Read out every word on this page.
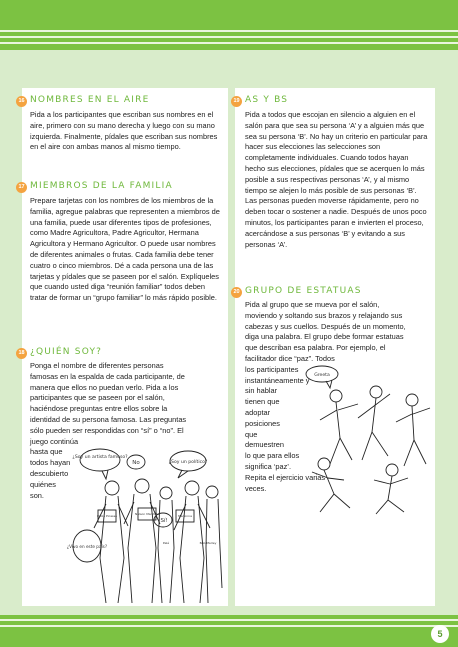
16 NOMBRES EN EL AIRE
Pida a los participantes que escriban sus nombres en el aire, primero con su mano derecha y luego con su mano izquierda. Finalmente, pídales que escriban sus nombres en el aire con ambas manos al mismo tiempo.
17 MIEMBROS DE LA FAMILIA
Prepare tarjetas con los nombres de los miembros de la familia, agregue palabras que representen a miembros de una familia, puede usar diferentes tipos de profesiones, como Madre Agricultora, Padre Agricultor, Hermana Agricultora y Hermano Agricultor. O puede usar nombres de diferentes animales o frutas. Cada familia debe tener cuatro o cinco miembros. Dé a cada persona una de las tarjetas y pídales que se paseen por el salón. Explíqueles que cuando usted diga “reunión familiar” todos deben tratar de formar un “grupo familiar” lo más rápido posible.
18 ¿QUIÉN SOY?
Ponga el nombre de diferentes personas
famosas en la espalda de cada participante, de
manera que ellos no puedan verlo. Pida a los
participantes que se paseen por el salón,
haciéndose preguntas entre ellos sobre la
identidad de su persona famosa. Las preguntas
sólo pueden ser respondidas con “sí” o “no”. El
juego continúa
hasta que
todos hayan
descubierto
quiénes
son.
¿Soy un artista famoso?
No	¿Soy un político?
¿Vivo en este país?
¡Sí!
Pablo Picasso	Nelson Mandela	Madonna
Pelé	Bob Marley
19 AS Y BS
Pida a todos que escojan en silencio a alguien en el salón para que sea su persona ‘A’ y a alguien más que sea su persona ‘B’. No hay un criterio en particular para hacer sus elecciones las selecciones son completamente individuales. Cuando todos hayan hecho sus elecciones, pídales que se acerquen lo más posible a sus respectivas personas ‘A’, y al mismo tiempo se alejen lo más posible de sus personas ‘B’. Las personas pueden moverse rápidamente, pero no deben tocar o sostener a nadie. Después de unos poco minutos, los participantes paran e invierten el proceso, acercándose a sus personas ‘B’ y evitando a sus personas ‘A’.
20 GRUPO DE ESTATUAS
Pida al grupo que se mueva por el salón,
moviendo y soltando sus brazos y relajando sus
cabezas y sus cuellos. Después de un momento,
diga una palabra. El grupo debe formar estatuas
que describan esa palabra. Por ejemplo, el
facilitador dice “paz”. Todos
los participantes
instantáneamente y
sin hablar
tienen que
adoptar
posiciones
que
demuestren
lo que para ellos
significa ‘paz’.
Repita el ejercicio varias
veces.
Greeta
5
